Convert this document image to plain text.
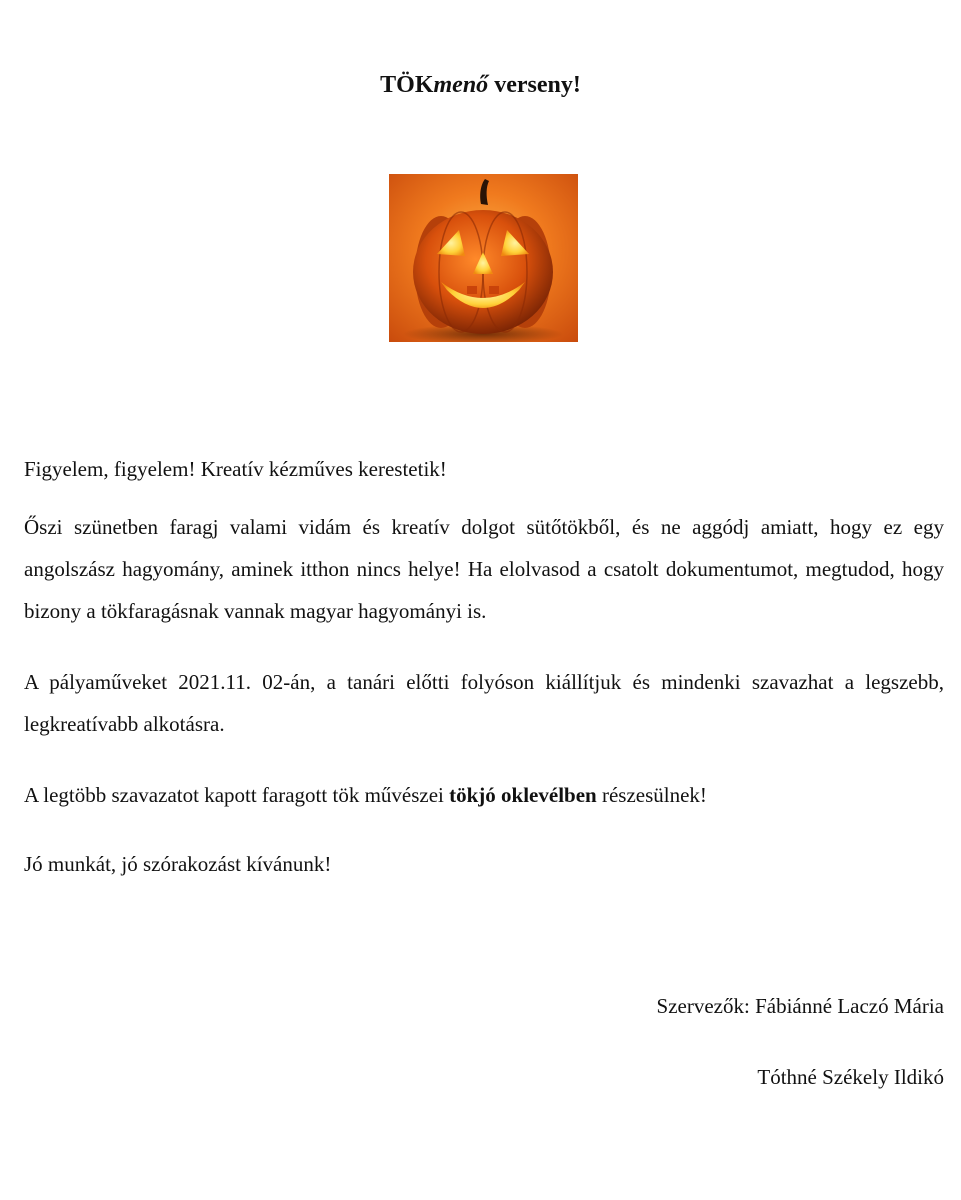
TÖKmenő verseny!

Figyelem, figyelem! Kreatív kézműves kerestetik!

Őszi szünetben faragj valami vidám és kreatív dolgot sütőtökből, és ne aggódj amiatt, hogy ez egy angolszász hagyomány, aminek itthon nincs helye! Ha elolvasod a csatolt dokumentumot, megtudod, hogy bizony a tökfaragásnak vannak magyar hagyományi is.

A pályaműveket 2021.11. 02-án, a tanári előtti folyóson kiállítjuk és mindenki szavazhat a legszebb, legkreatívabb alkotásra.

A legtöbb szavazatot kapott faragott tök művészei tökjó oklevélben részesülnek!

Jó munkát, jó szórakozást kívánunk!

Szervezők: Fábiánné Laczó Mária

Tóthné Székely Ildikó
